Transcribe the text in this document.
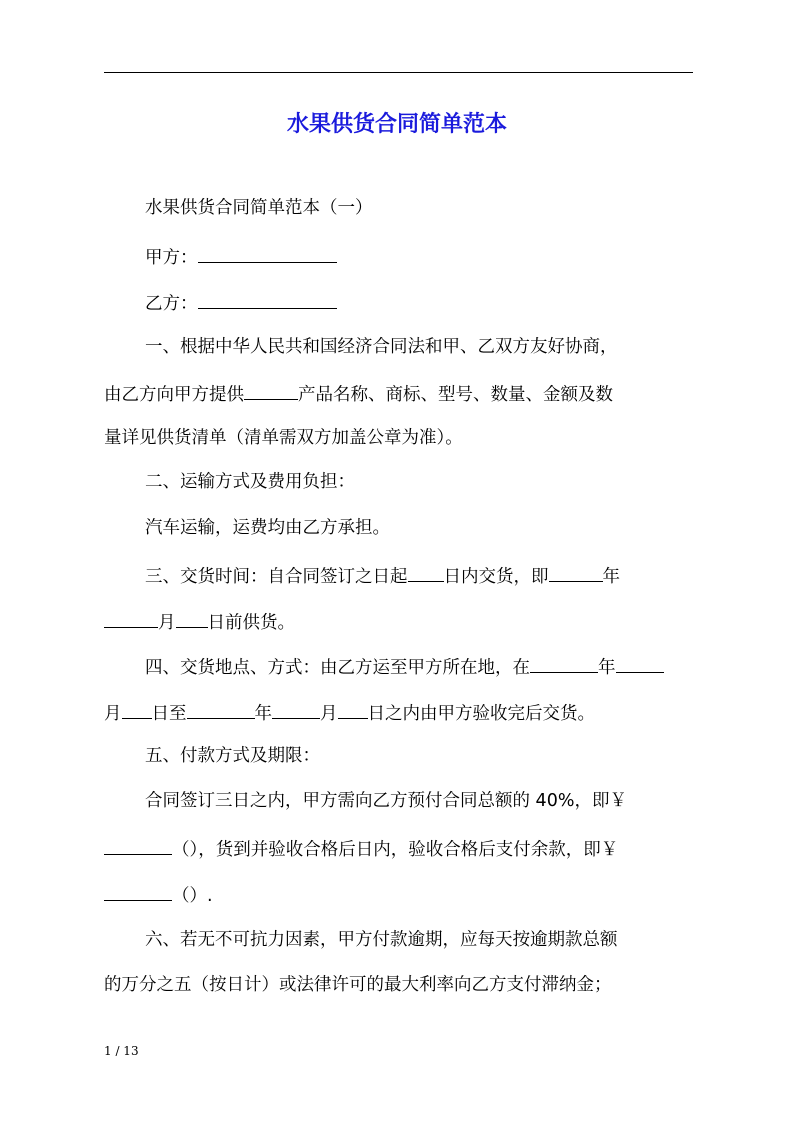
水果供货合同简单范本
水果供货合同简单范本（一）
甲方：
乙方：
一、根据中华人民共和国经济合同法和甲、乙双方友好协商，
由乙方向甲方提供	产品名称、商标、型号、数量、金额及数
量详见供货清单（清单需双方加盖公章为准）。
二、运输方式及费用负担：
汽车运输，运费均由乙方承担。
三、交货时间：自合同签订之日起 日内交货，即	年
月 日前供货。
四、交货地点、方式：由乙方运至甲方所在地，在	年
月 日至	年	月 日之内由甲方验收完后交货。
五、付款方式及期限：
合同签订三日之内，甲方需向乙方预付合同总额的 40%，即￥
（），货到并验收合格后日内，验收合格后支付余款，即￥
（）.
六、若无不可抗力因素，甲方付款逾期，应每天按逾期款总额
的万分之五（按日计）或法律许可的最大利率向乙方支付滞纳金；
1 / 13
